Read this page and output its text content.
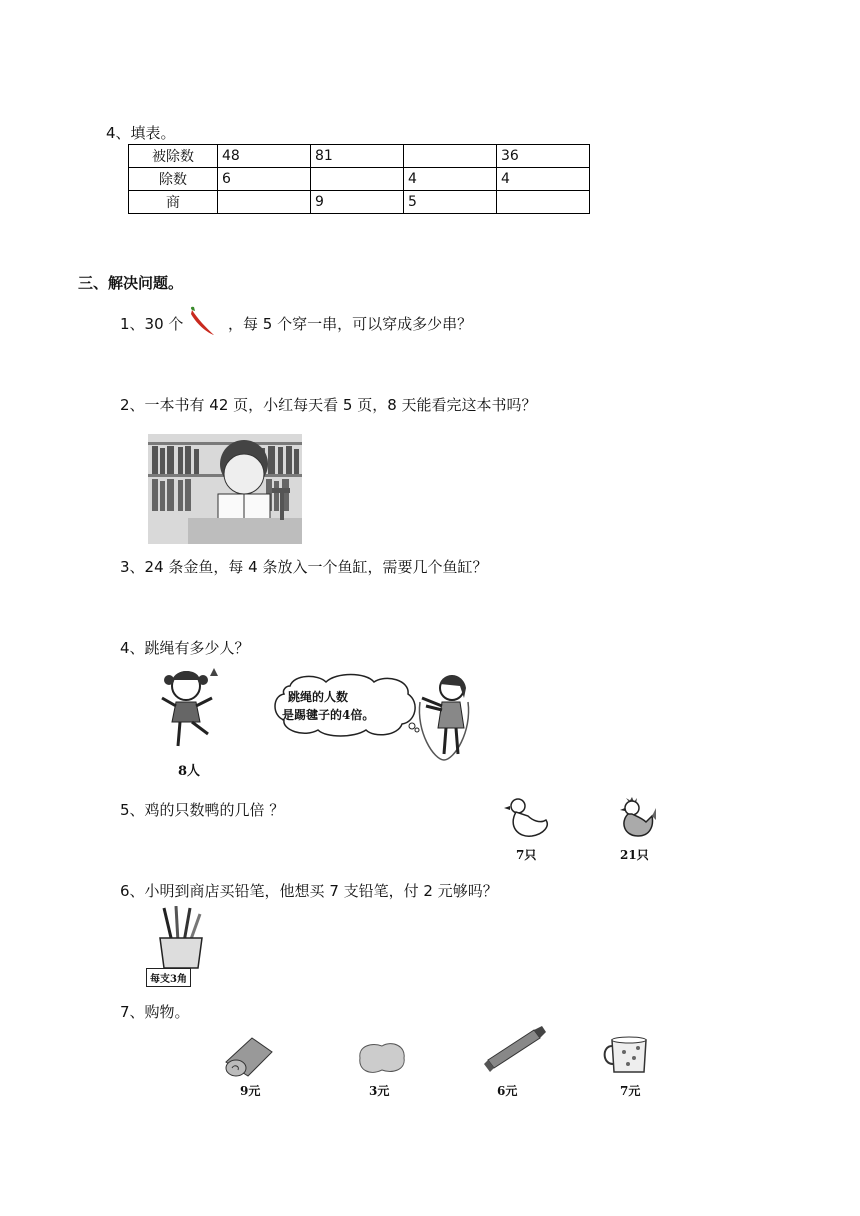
4、填表。
被除数	48	81		36
除数	6		4	4
商		9	5	
三、解决问题。
1、30 个	，每 5 个穿一串，可以穿成多少串？
2、一本书有 42 页，小红每天看 5 页，8 天能看完这本书吗？
3、24 条金鱼，每 4 条放入一个鱼缸，需要几个鱼缸？
4、跳绳有多少人？
8人
跳绳的人数
是踢毽子的4倍。
5、鸡的只数鸭的几倍 ？
7只	21只
6、小明到商店买铅笔，他想买 7 支铅笔，付 2 元够吗？
每支3角
7、购物。
9元	3元	6元	7元
